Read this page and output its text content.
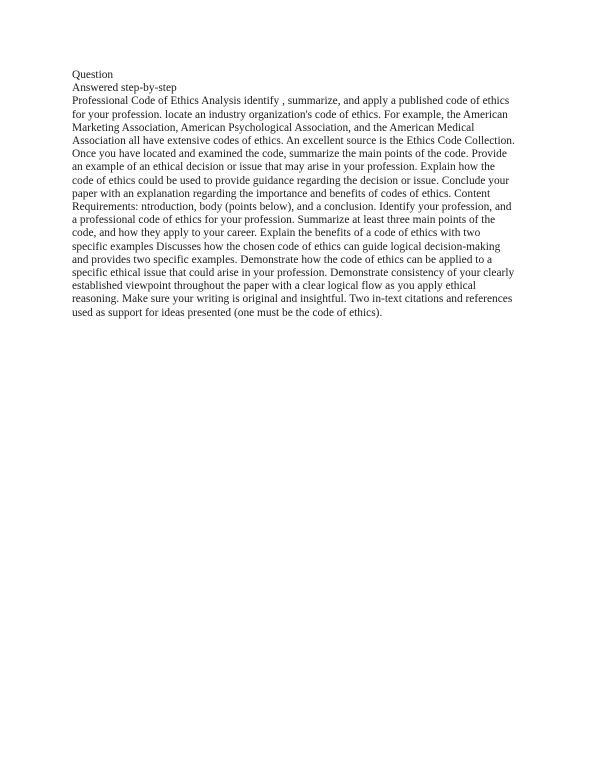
Question
Answered step-by-step
Professional Code of Ethics Analysis identify , summarize, and apply a published code of ethics
for your profession. locate an industry organization's code of ethics. For example, the American
Marketing Association, American Psychological Association, and the American Medical
Association all have extensive codes of ethics. An excellent source is the Ethics Code Collection.
Once you have located and examined the code, summarize the main points of the code. Provide
an example of an ethical decision or issue that may arise in your profession. Explain how the
code of ethics could be used to provide guidance regarding the decision or issue. Conclude your
paper with an explanation regarding the importance and benefits of codes of ethics. Content
Requirements: ntroduction, body (points below), and a conclusion. Identify your profession, and
a professional code of ethics for your profession. Summarize at least three main points of the
code, and how they apply to your career. Explain the benefits of a code of ethics with two
specific examples Discusses how the chosen code of ethics can guide logical decision-making
and provides two specific examples. Demonstrate how the code of ethics can be applied to a
specific ethical issue that could arise in your profession. Demonstrate consistency of your clearly
established viewpoint throughout the paper with a clear logical flow as you apply ethical
reasoning. Make sure your writing is original and insightful. Two in-text citations and references
used as support for ideas presented (one must be the code of ethics).
